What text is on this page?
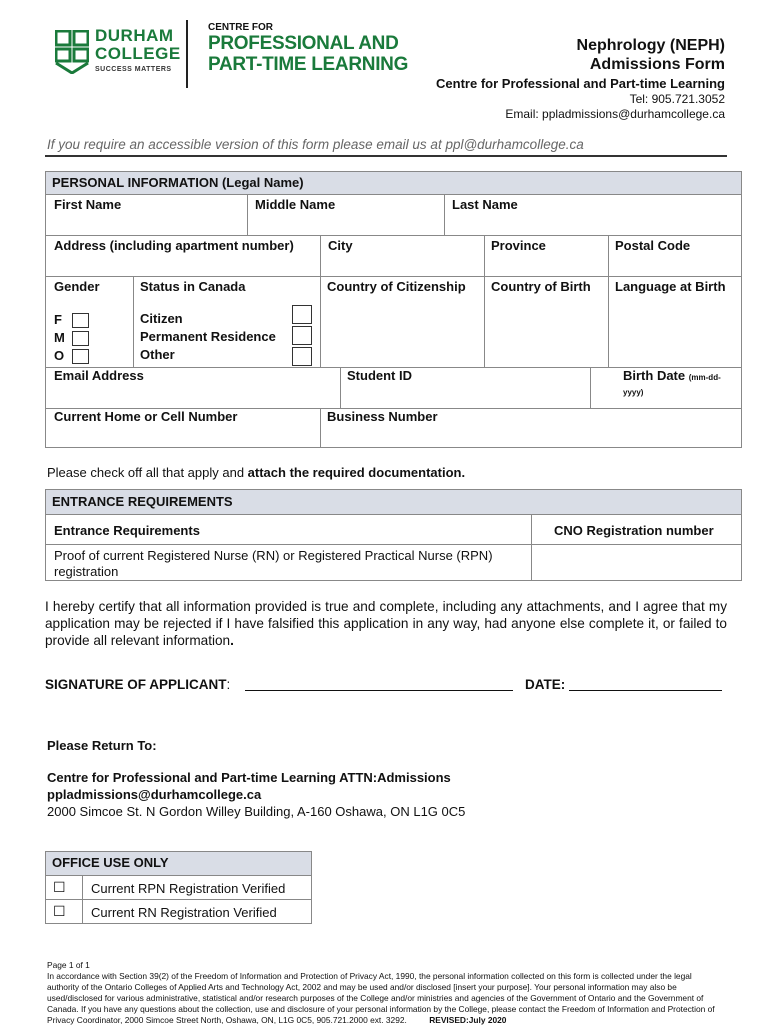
DURHAM
COLLEGE
SUCCESS MATTERS
CENTRE FOR
PROFESSIONAL AND
PART-TIME LEARNING
Nephrology (NEPH)
Admissions Form
Centre for Professional and Part-time Learning
Tel: 905.721.3052
Email: ppladmissions@durhamcollege.ca
If you require an accessible version of this form please email us at ppl@durhamcollege.ca
PERSONAL INFORMATION (Legal Name)
First Name	Middle Name	Last Name
Address (including apartment number)	City	Province	Postal Code
Gender	Status in Canada	Country of Citizenship	Country of Birth	Language at Birth
F
M
O
Citizen
Permanent Residence
Other
Email Address	Student ID	Birth Date (mm-dd-yyyy)
Current Home or Cell Number	Business Number
Please check off all that apply and attach the required documentation.
ENTRANCE REQUIREMENTS
Entrance Requirements	CNO Registration number
Proof of current Registered Nurse (RN) or Registered Practical Nurse (RPN) registration
I hereby certify that all information provided is true and complete, including any attachments, and I agree that my application may be rejected if I have falsified this application in any way, had anyone else complete it, or failed to provide all relevant information.
SIGNATURE OF APPLICANT:	DATE:
Please Return To:
Centre for Professional and Part-time Learning ATTN:Admissions
ppladmissions@durhamcollege.ca
2000 Simcoe St. N Gordon Willey Building, A-160 Oshawa, ON L1G 0C5
OFFICE USE ONLY
☐	Current RPN Registration Verified
☐	Current RN Registration Verified
Page 1 of 1
In accordance with Section 39(2) of the Freedom of Information and Protection of Privacy Act, 1990, the personal information collected on this form is collected under the legal authority of the Ontario Colleges of Applied Arts and Technology Act, 2002 and may be used and/or disclosed [insert your purpose]. Your personal information may also be used/disclosed for various administrative, statistical and/or research purposes of the College and/or ministries and agencies of the Government of Ontario and the Government of Canada. If you have any questions about the collection, use and disclosure of your personal information by the College, please contact the Freedom of Information and Protection of Privacy Coordinator, 2000 Simcoe Street North, Oshawa, ON, L1G 0C5, 905.721.2000 ext. 3292.	REVISED:July 2020
